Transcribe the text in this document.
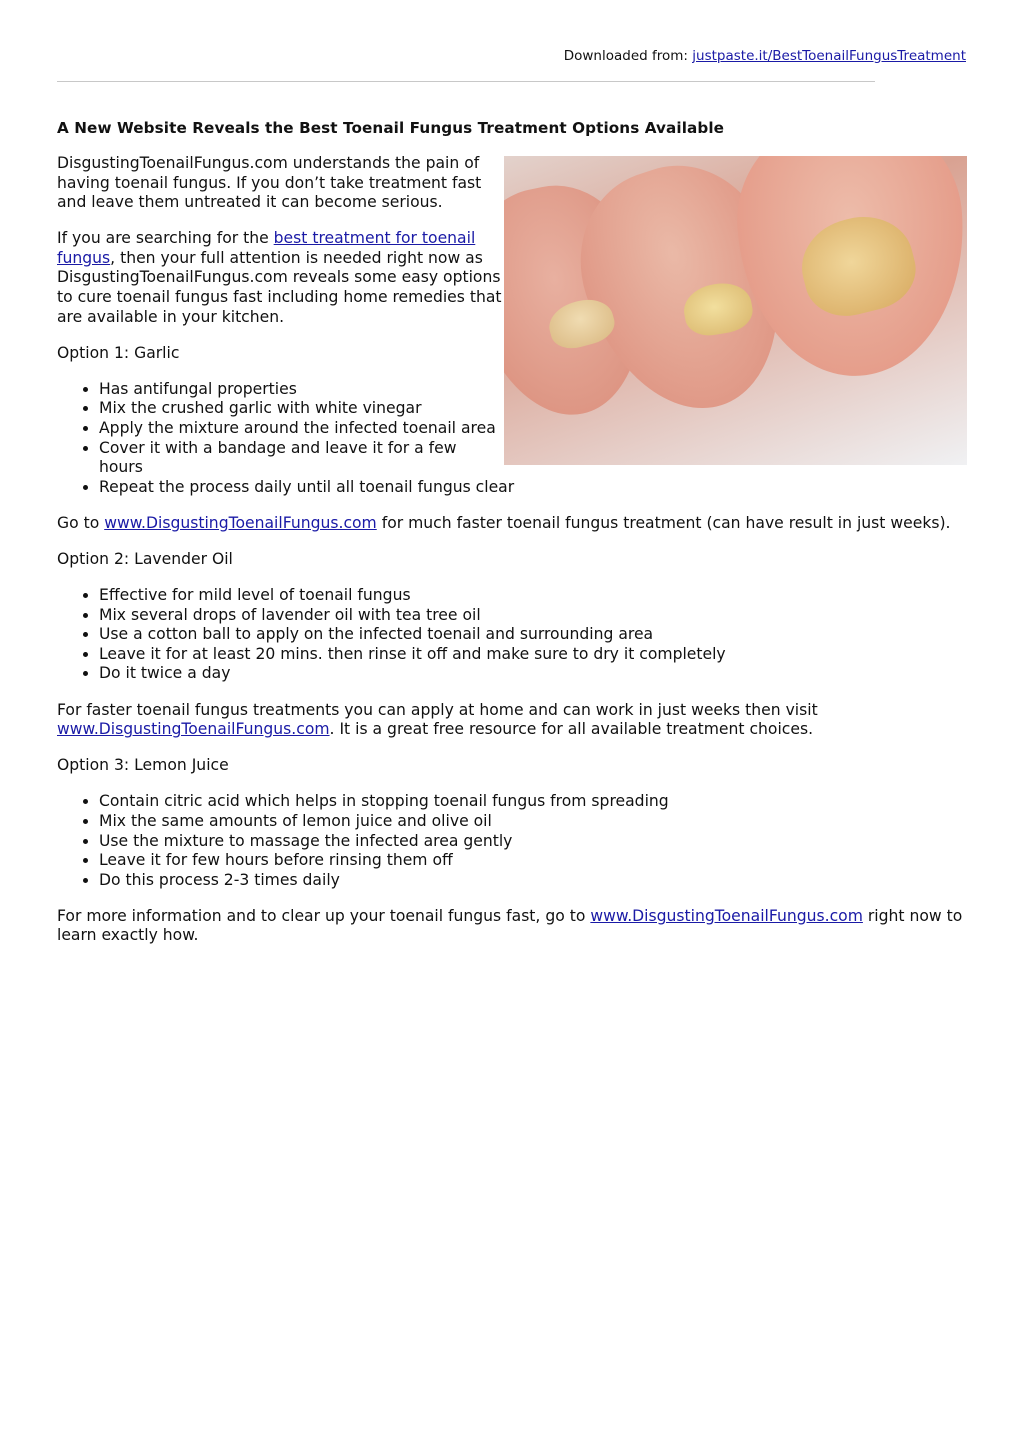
Downloaded from: justpaste.it/BestToenailFungusTreatment
A New Website Reveals the Best Toenail Fungus Treatment Options Available

DisgustingToenailFungus.com understands the pain of having toenail fungus. If you don’t take treatment fast and leave them untreated it can become serious.

If you are searching for the best treatment for toenail fungus, then your full attention is needed right now as DisgustingToenailFungus.com reveals some easy options to cure toenail fungus fast including home remedies that are available in your kitchen.

Option 1: Garlic

• Has antifungal properties
• Mix the crushed garlic with white vinegar
• Apply the mixture around the infected toenail area
• Cover it with a bandage and leave it for a few hours
• Repeat the process daily until all toenail fungus clear

Go to www.DisgustingToenailFungus.com for much faster toenail fungus treatment (can have result in just weeks).

Option 2: Lavender Oil

• Effective for mild level of toenail fungus
• Mix several drops of lavender oil with tea tree oil
• Use a cotton ball to apply on the infected toenail and surrounding area
• Leave it for at least 20 mins. then rinse it off and make sure to dry it completely
• Do it twice a day

For faster toenail fungus treatments you can apply at home and can work in just weeks then visit www.DisgustingToenailFungus.com. It is a great free resource for all available treatment choices.

Option 3: Lemon Juice

• Contain citric acid which helps in stopping toenail fungus from spreading
• Mix the same amounts of lemon juice and olive oil
• Use the mixture to massage the infected area gently
• Leave it for few hours before rinsing them off
• Do this process 2-3 times daily

For more information and to clear up your toenail fungus fast, go to www.DisgustingToenailFungus.com right now to learn exactly how.
